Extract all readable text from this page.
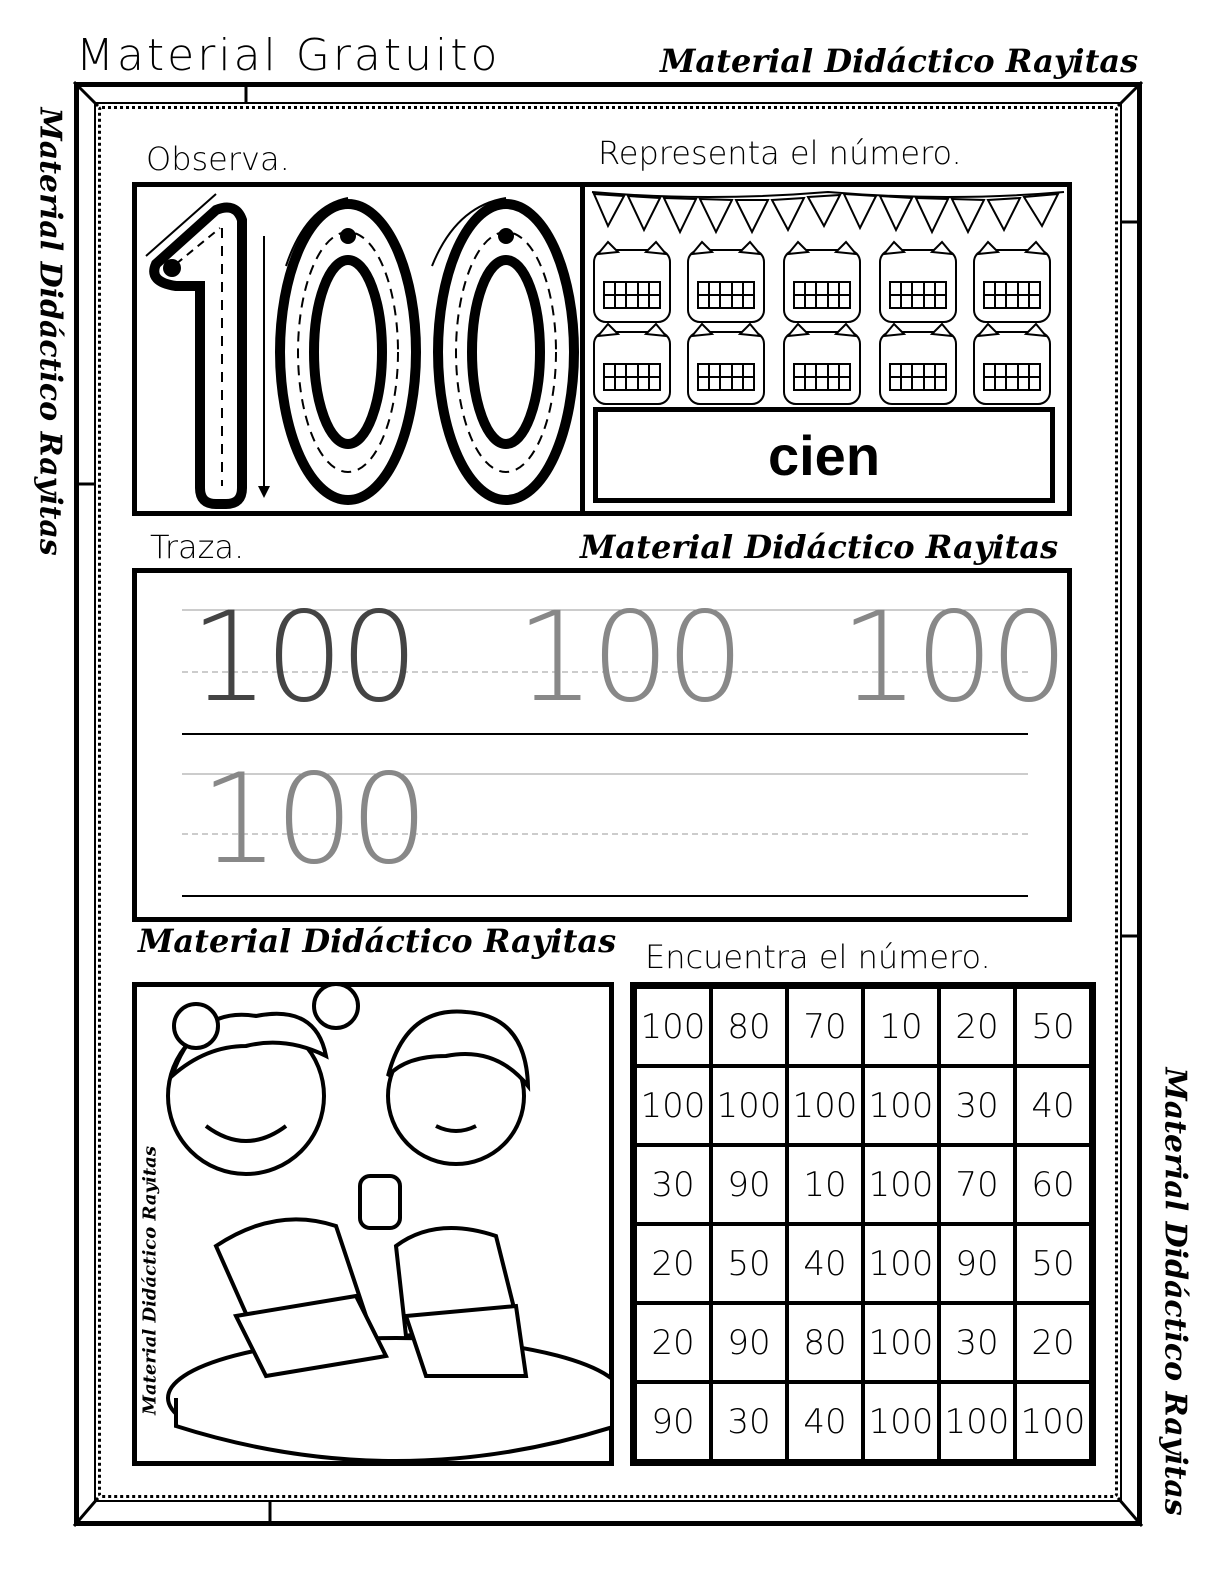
Material Gratuito	Material Didáctico Rayitas
Material Didáctico Rayitas
Material Didáctico Rayitas
Observa.	Representa el número.
Traza.	Material Didáctico Rayitas
Material Didáctico Rayitas Encuentra el número.
cien
100 100 100
100
Material Didáctico Rayitas
100 80 70 10 20 50
100 100 100 100 30 40
30 90 10 100 70 60
20 50 40 100 90 50
20 90 80 100 30 20
90 30 40 100 100 100
